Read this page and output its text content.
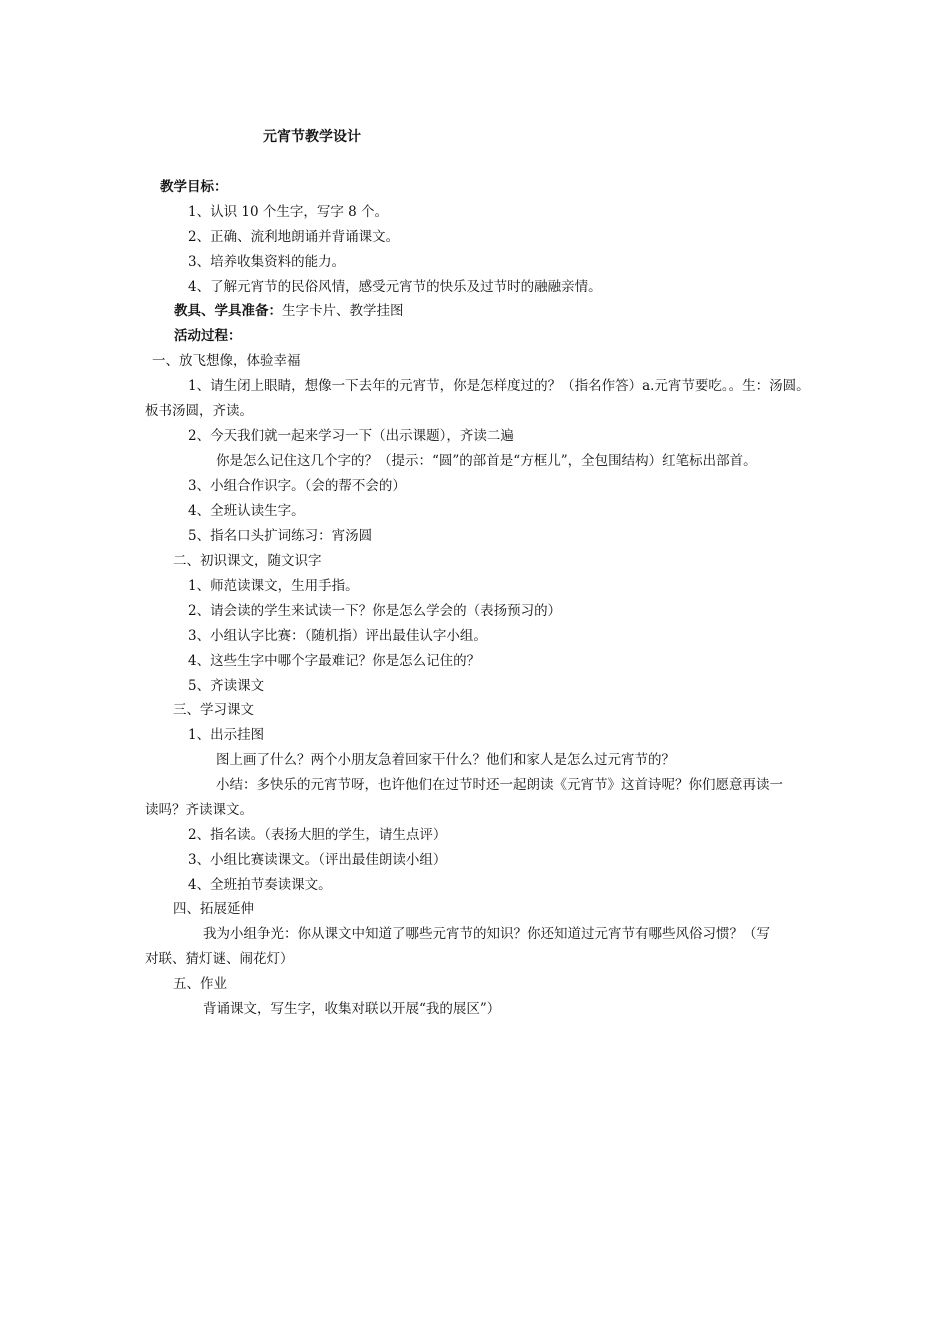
元宵节教学设计
教学目标：
1、认识 10 个生字，写字 8 个。
2、正确、流利地朗诵并背诵课文。
3、培养收集资料的能力。
4、了解元宵节的民俗风情，感受元宵节的快乐及过节时的融融亲情。
教具、学具准备：生字卡片、教学挂图
活动过程：
一、放飞想像，体验幸福
1、请生闭上眼睛，想像一下去年的元宵节，你是怎样度过的？（指名作答）a.元宵节要吃。。生：汤圆。
板书汤圆，齐读。
2、今天我们就一起来学习一下（出示课题），齐读二遍
你是怎么记住这几个字的？（提示：“圆”的部首是“方框儿”，全包围结构）红笔标出部首。
3、小组合作识字。（会的帮不会的）
4、全班认读生字。
5、指名口头扩词练习：宵汤圆
二、初识课文，随文识字
1、师范读课文，生用手指。
2、请会读的学生来试读一下？你是怎么学会的（表扬预习的）
3、小组认字比赛：（随机指）评出最佳认字小组。
4、这些生字中哪个字最难记？你是怎么记住的？
5、齐读课文
三、学习课文
1、出示挂图
图上画了什么？两个小朋友急着回家干什么？他们和家人是怎么过元宵节的？
小结：多快乐的元宵节呀，也许他们在过节时还一起朗读《元宵节》这首诗呢？你们愿意再读一
读吗？齐读课文。
2、指名读。（表扬大胆的学生，请生点评）
3、小组比赛读课文。（评出最佳朗读小组）
4、全班拍节奏读课文。
四、拓展延伸
我为小组争光：你从课文中知道了哪些元宵节的知识？你还知道过元宵节有哪些风俗习惯？（写
对联、猜灯谜、闹花灯）
五、作业
背诵课文，写生字，收集对联以开展“我的展区”）
